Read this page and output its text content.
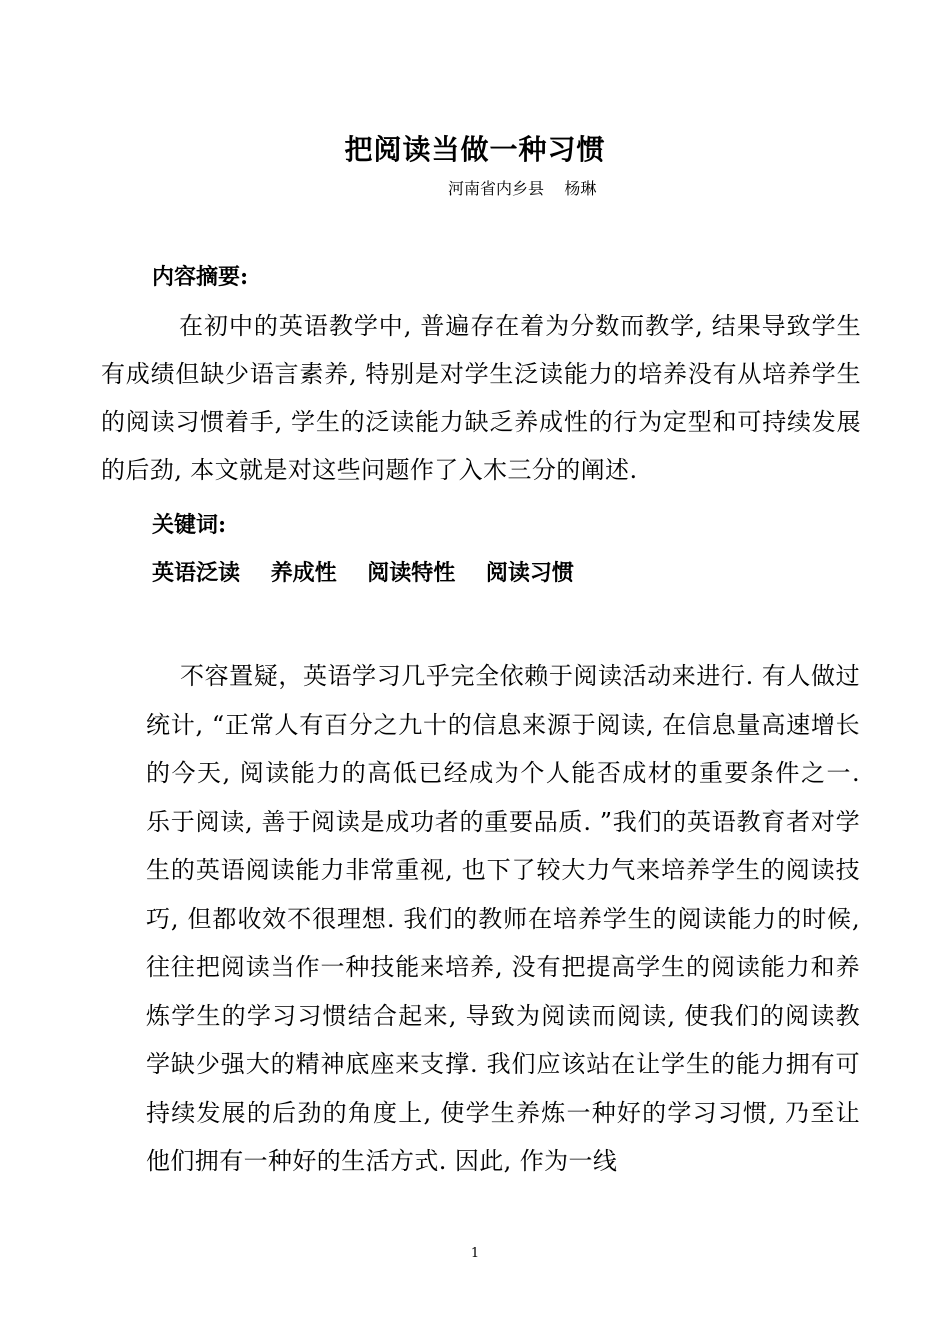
把阅读当做一种习惯
河南省内乡县    杨琳
内容摘要:

在初中的英语教学中, 普遍存在着为分数而教学, 结果导致学生有成绩但缺少语言素养, 特别是对学生泛读能力的培养没有从培养学生的阅读习惯着手, 学生的泛读能力缺乏养成性的行为定型和可持续发展的后劲, 本文就是对这些问题作了入木三分的阐述.

关键词:
英语泛读    养成性    阅读特性    阅读习惯

不容置疑，英语学习几乎完全依赖于阅读活动来进行. 有人做过统计, “正常人有百分之九十的信息来源于阅读, 在信息量高速增长的今天, 阅读能力的高低已经成为个人能否成材的重要条件之一. 乐于阅读, 善于阅读是成功者的重要品质. ”我们的英语教育者对学生的英语阅读能力非常重视, 也下了较大力气来培养学生的阅读技巧, 但都收效不很理想. 我们的教师在培养学生的阅读能力的时候, 往往把阅读当作一种技能来培养, 没有把提高学生的阅读能力和养炼学生的学习习惯结合起来, 导致为阅读而阅读, 使我们的阅读教学缺少强大的精神底座来支撑. 我们应该站在让学生的能力拥有可持续发展的后劲的角度上, 使学生养炼一种好的学习习惯, 乃至让他们拥有一种好的生活方式. 因此, 作为一线

1
